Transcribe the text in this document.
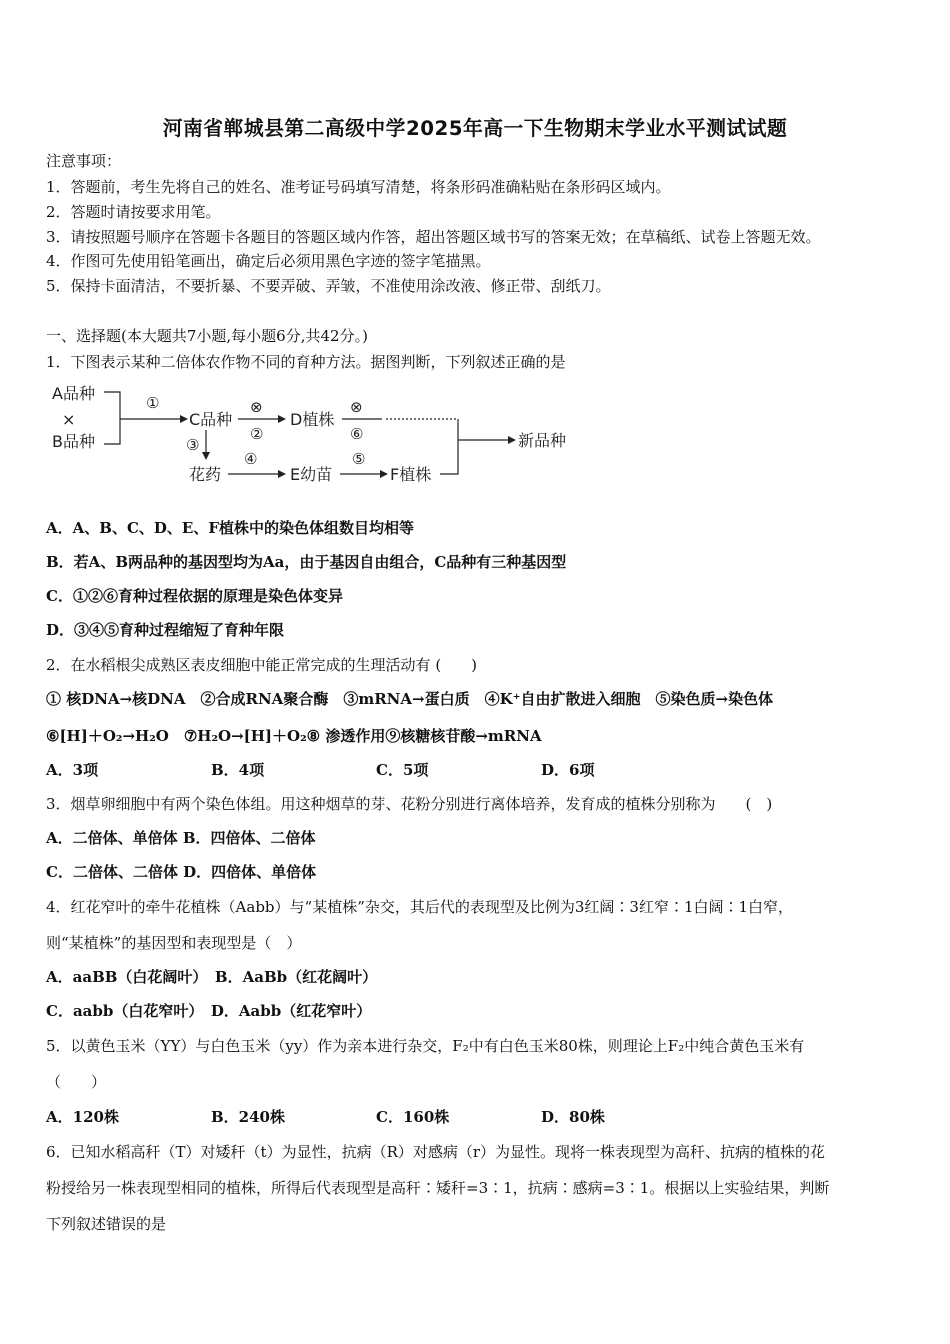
河南省郸城县第二高级中学2025年高一下生物期末学业水平测试试题
注意事项：
1．答题前，考生先将自己的姓名、准考证号码填写清楚，将条形码准确粘贴在条形码区域内。
2．答题时请按要求用笔。
3．请按照题号顺序在答题卡各题目的答题区域内作答，超出答题区域书写的答案无效；在草稿纸、试卷上答题无效。
4．作图可先使用铅笔画出，确定后必须用黑色字迹的签字笔描黑。
5．保持卡面清洁，不要折暴、不要弄破、弄皱，不准使用涂改液、修正带、刮纸刀。
一、选择题(本大题共7小题,每小题6分,共42分。)
1．下图表示某种二倍体农作物不同的育种方法。据图判断，下列叙述正确的是
A品种
×
B品种
①
C品种
⊗
②
D植株
⊗
⑥
③
花药
④
E幼苗
⑤
F植株
新品种
A．A、B、C、D、E、F植株中的染色体组数目均相等
B．若A、B两品种的基因型均为Aa，由于基因自由组合，C品种有三种基因型
C．①②⑥育种过程依据的原理是染色体变异
D．③④⑤育种过程缩短了育种年限
2．在水稻根尖成熟区表皮细胞中能正常完成的生理活动有 (　　)
① 核DNA→核DNA　②合成RNA聚合酶　③mRNA→蛋白质　④K⁺自由扩散进入细胞　⑤染色质→染色体
⑥[H]＋O₂→H₂O　⑦H₂O→[H]＋O₂⑧ 渗透作用⑨核糖核苷酸→mRNA
A．3项	B．4项	C．5项	D．6项
3．烟草卵细胞中有两个染色体组。用这种烟草的芽、花粉分别进行离体培养，发育成的植株分别称为　　(　)
A．二倍体、单倍体 B．四倍体、二倍体
C．二倍体、二倍体 D．四倍体、单倍体
4．红花窄叶的牵牛花植株（Aabb）与“某植株”杂交，其后代的表现型及比例为3红阔∶3红窄∶1白阔∶1白窄，
则“某植株”的基因型和表现型是（　）
A．aaBB（白花阔叶）　B．AaBb（红花阔叶）
C．aabb（白花窄叶）　D．Aabb（红花窄叶）
5．以黄色玉米（YY）与白色玉米（yy）作为亲本进行杂交，F₂中有白色玉米80株，则理论上F₂中纯合黄色玉米有
（　　）
A．120株	B．240株	C．160株	D．80株
6．已知水稻高秆（T）对矮秆（t）为显性，抗病（R）对感病（r）为显性。现将一株表现型为高秆、抗病的植株的花
粉授给另一株表现型相同的植株，所得后代表现型是高秆∶矮秆=3∶1，抗病∶感病=3∶1。根据以上实验结果，判断
下列叙述错误的是
